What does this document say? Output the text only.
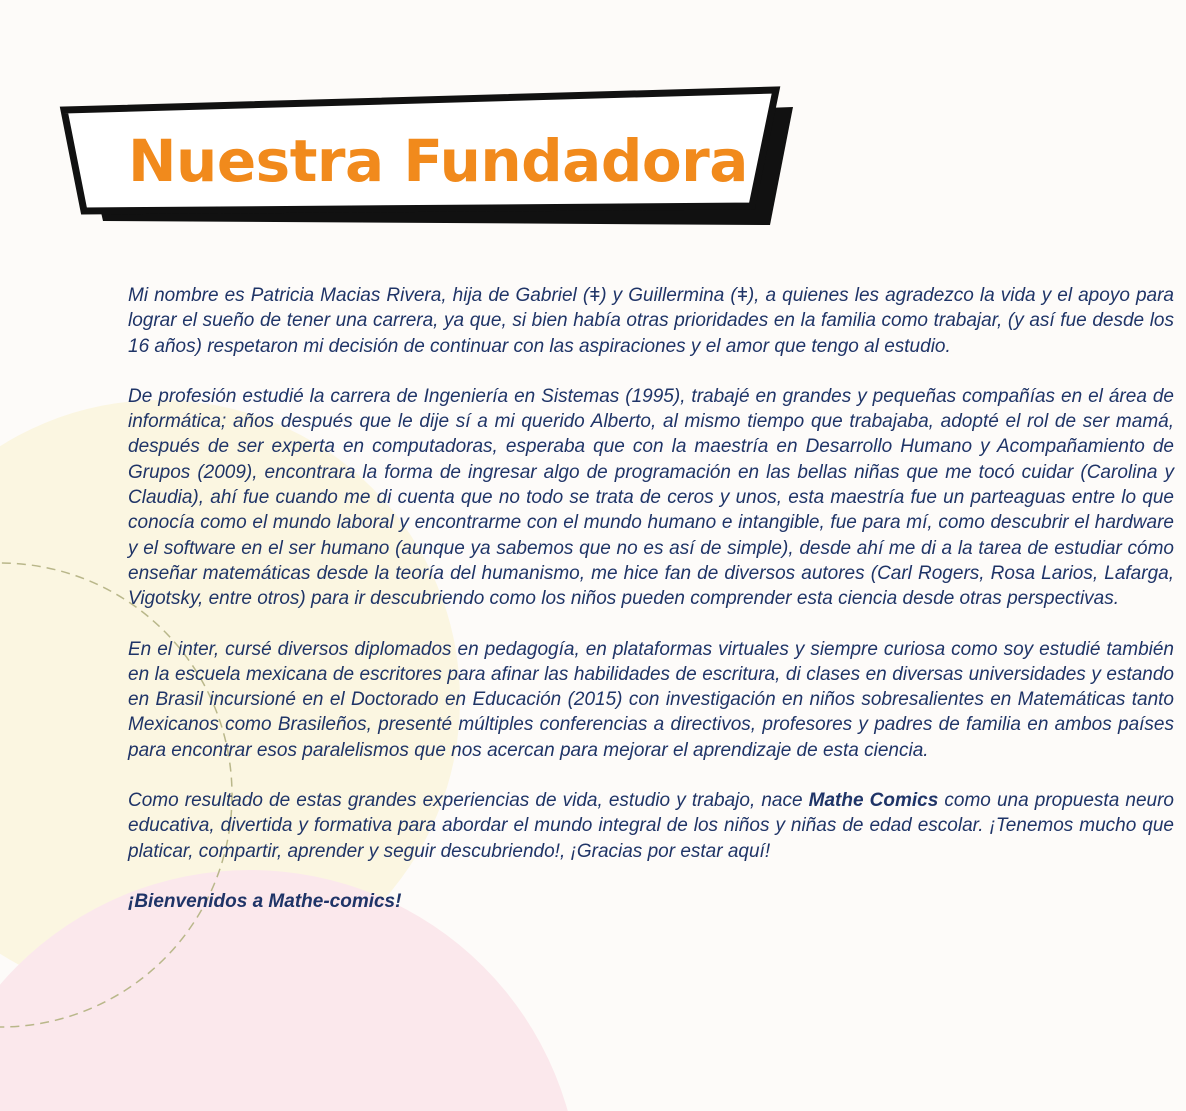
Nuestra Fundadora

Mi nombre es Patricia Macias Rivera, hija de Gabriel (ǂ) y Guillermina (ǂ), a quienes les agradezco la vida y el apoyo para lograr el sueño de tener una carrera, ya que, si bien había otras prioridades en la familia como trabajar, (y así fue desde los 16 años) respetaron mi decisión de continuar con las aspiraciones y el amor que tengo al estudio.

De profesión estudié la carrera de Ingeniería en Sistemas (1995), trabajé en grandes y pequeñas compañías en el área de informática; años después que le dije sí a mi querido Alberto, al mismo tiempo que trabajaba, adopté el rol de ser mamá, después de ser experta en computadoras, esperaba que con la maestría en Desarrollo Humano y Acompañamiento de Grupos (2009), encontrara la forma de ingresar algo de programación en las bellas niñas que me tocó cuidar (Carolina y Claudia), ahí fue cuando me di cuenta que no todo se trata de ceros y unos, esta maestría fue un parteaguas entre lo que conocía como el mundo laboral y encontrarme con el mundo humano e intangible, fue para mí, como descubrir el hardware y el software en el ser humano (aunque ya sabemos que no es así de simple), desde ahí me di a la tarea de estudiar cómo enseñar matemáticas desde la teoría del humanismo, me hice fan de diversos autores (Carl Rogers, Rosa Larios, Lafarga, Vigotsky, entre otros) para ir descubriendo como los niños pueden comprender esta ciencia desde otras perspectivas.

En el inter, cursé diversos diplomados en pedagogía, en plataformas virtuales y siempre curiosa como soy estudié también en la escuela mexicana de escritores para afinar las habilidades de escritura, di clases en diversas universidades y estando en Brasil incursioné en el Doctorado en Educación (2015) con investigación en niños sobresalientes en Matemáticas tanto Mexicanos como Brasileños, presenté múltiples conferencias a directivos, profesores y padres de familia en ambos países para encontrar esos paralelismos que nos acercan para mejorar el aprendizaje de esta ciencia.

Como resultado de estas grandes experiencias de vida, estudio y trabajo, nace Mathe Comics como una propuesta neuro educativa, divertida y formativa para abordar el mundo integral de los niños y niñas de edad escolar. ¡Tenemos mucho que platicar, compartir, aprender y seguir descubriendo!, ¡Gracias por estar aquí!

¡Bienvenidos a Mathe-comics!
